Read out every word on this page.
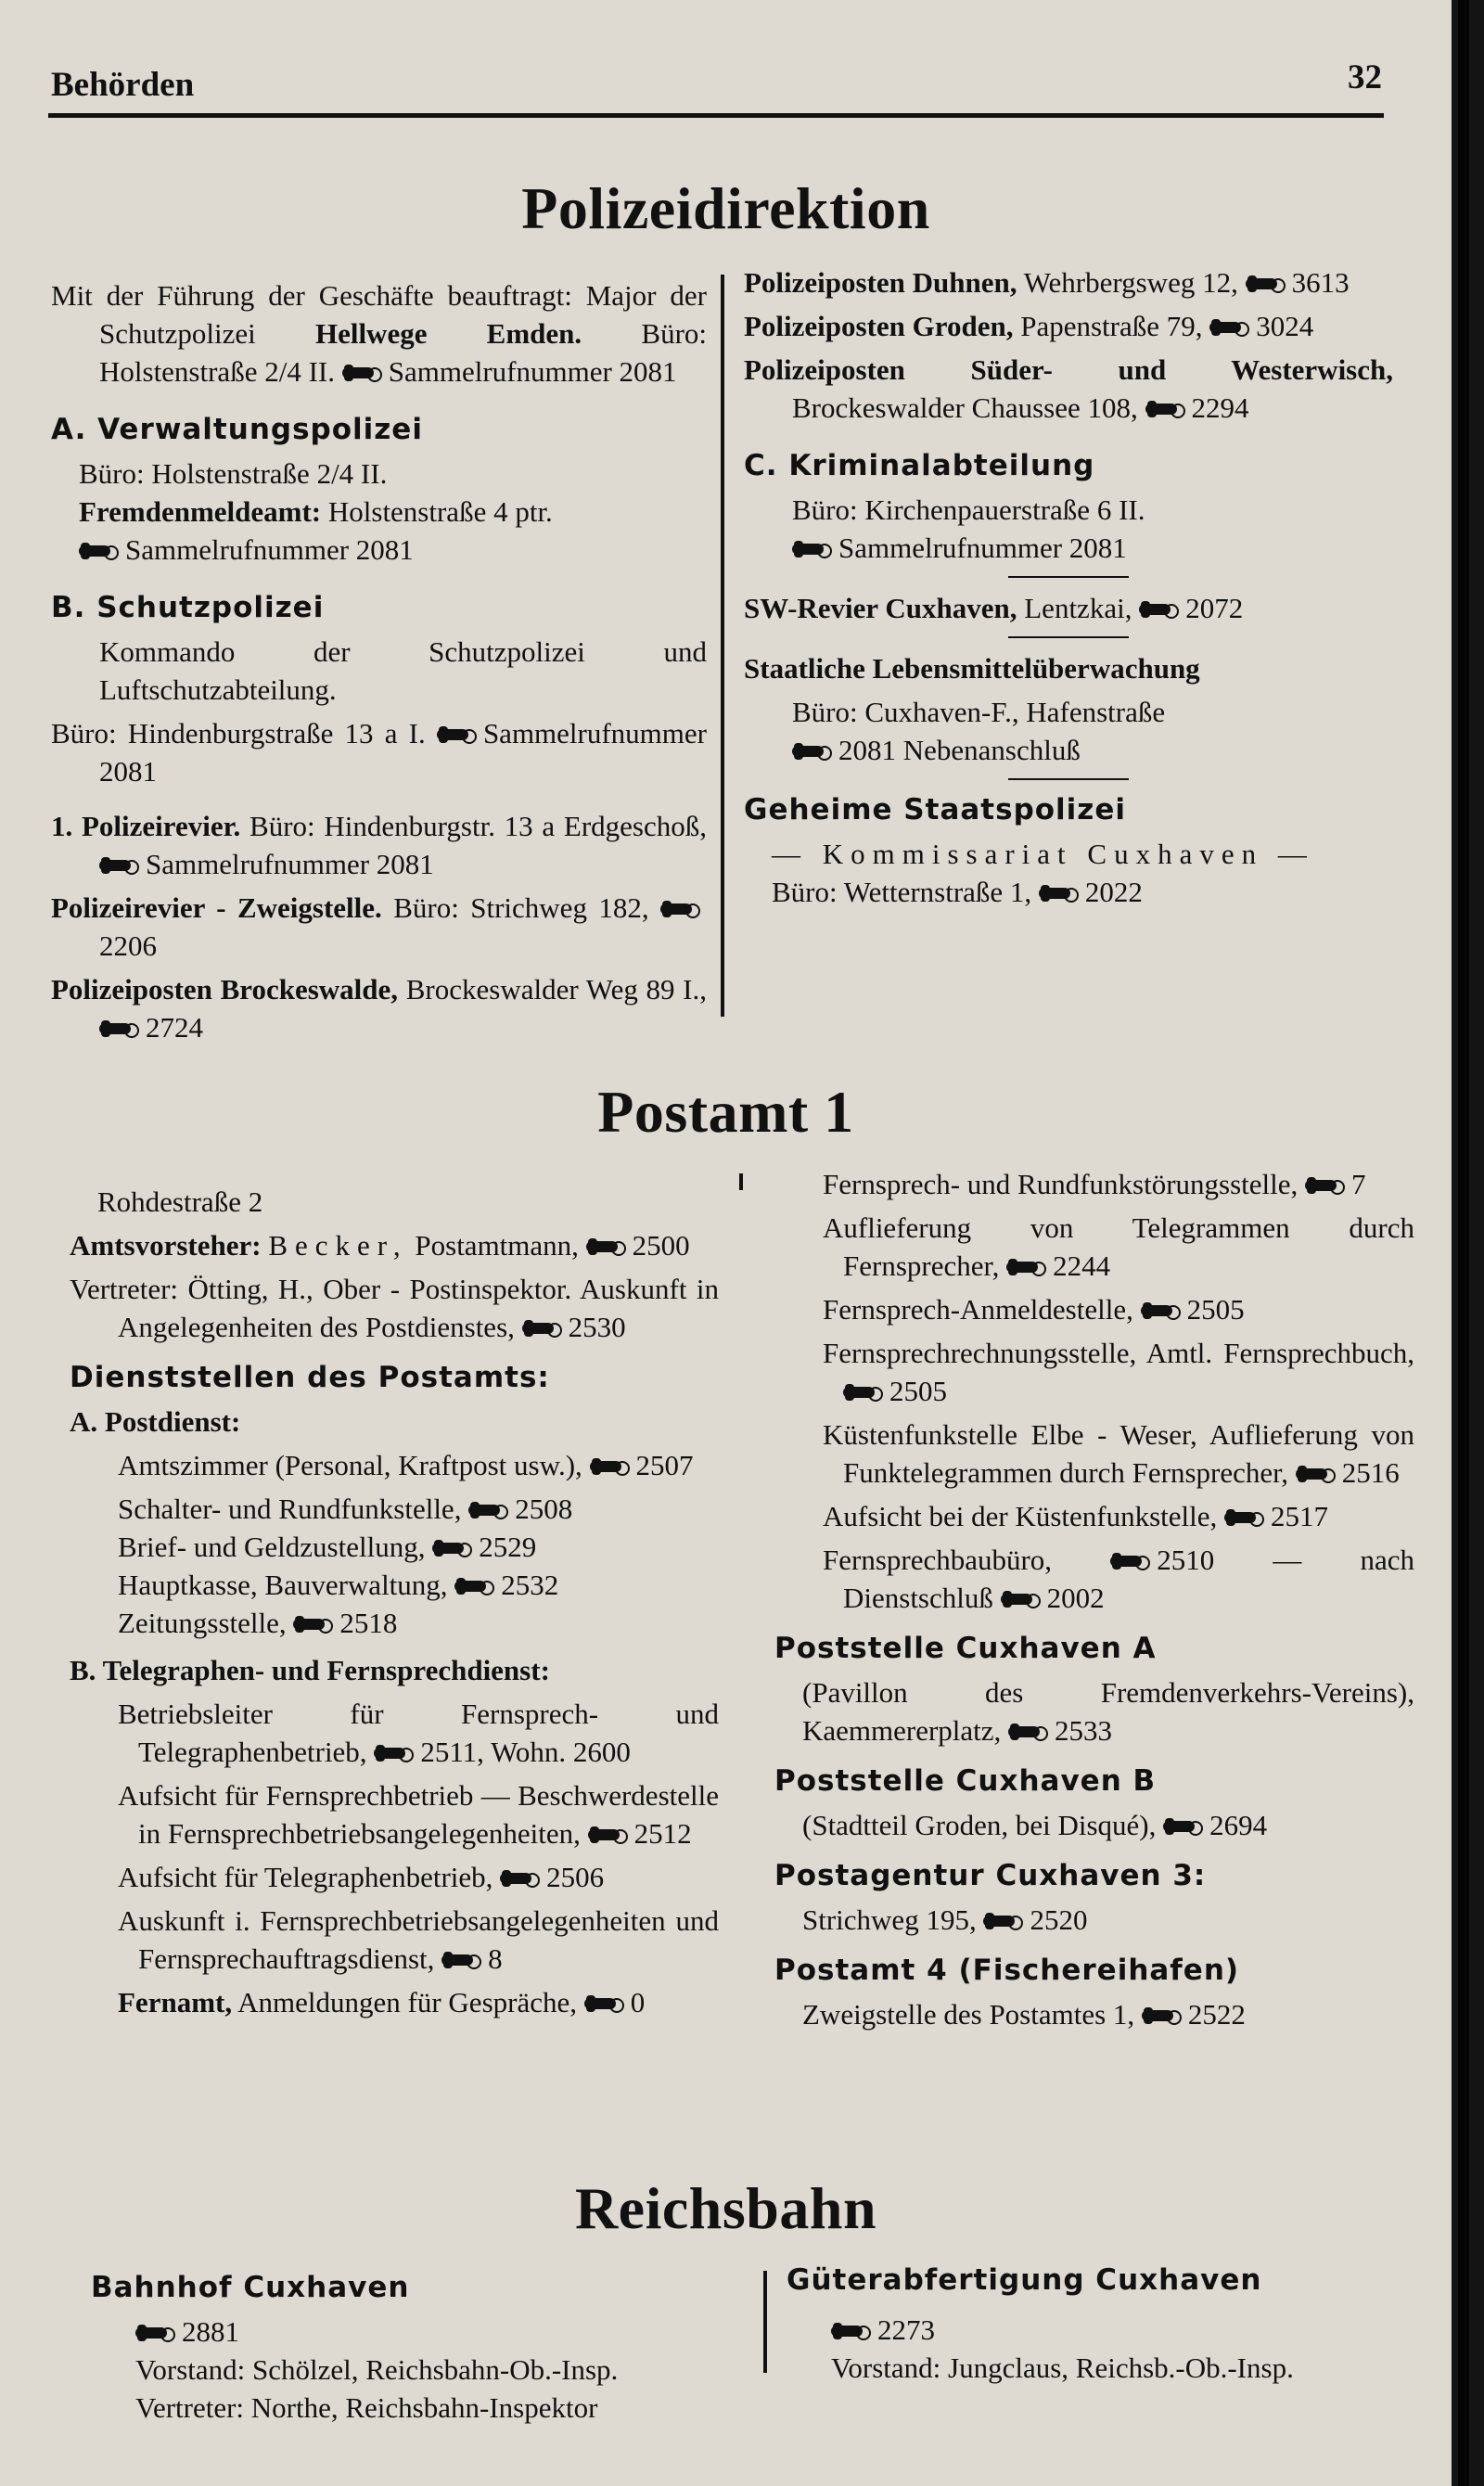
Behörden	32
Polizeidirektion
Mit der Führung der Geschäfte beauftragt: Major der Schutzpolizei Hellwege Emden. Büro: Holstenstraße 2/4 II. Sammelrufnummer 2081
A. Verwaltungspolizei
Büro: Holstenstraße 2/4 II.
Fremdenmeldeamt: Holstenstraße 4 ptr.

Sammelrufnummer 2081
B. Schutzpolizei
Kommando der Schutzpolizei und Luftschutzabteilung.
Büro: Hindenburgstraße 13 a I. Sammelrufnummer 2081
1. Polizeirevier. Büro: Hindenburgstr. 13 a Erdgeschoß,
Sammelrufnummer 2081
Polizeirevier - Zweigstelle. Büro: Strichweg 182,
2206
Polizeiposten Brockeswalde, Brockeswalder Weg 89 I.,
2724
Polizeiposten Duhnen, Wehrbergsweg 12, 3613
Polizeiposten Groden, Papenstraße 79, 3024
Polizeiposten Süder- und Westerwisch, Brockeswalder Chaussee 108, 2294
C. Kriminalabteilung
Büro: Kirchenpauerstraße 6 II.

Sammelrufnummer 2081
SW-Revier Cuxhaven, Lentzkai, 2072
Staatliche Lebensmittelüberwachung
Büro: Cuxhaven-F., Hafenstraße

2081 Nebenanschluß
Geheime Staatspolizei
— Kommissariat Cuxhaven —
Büro: Wetternstraße 1, 2022
Postamt 1
Rohdestraße 2
Amtsvorsteher: Becker, Postamtmann, 2500
Vertreter: Ötting, H., Ober - Postinspektor. Auskunft in Angelegenheiten des Postdienstes, 2530
Dienststellen des Postamts:
A. Postdienst:
Amtszimmer (Personal, Kraftpost usw.), 2507
Schalter- und Rundfunkstelle, 2508
Brief- und Geldzustellung, 2529
Hauptkasse, Bauverwaltung, 2532
Zeitungsstelle, 2518
B. Telegraphen- und Fernsprechdienst:
Betriebsleiter für Fernsprech- und Telegraphenbetrieb, 2511, Wohn. 2600
Aufsicht für Fernsprechbetrieb — Beschwerdestelle in Fernsprechbetriebsangelegenheiten, 2512
Aufsicht für Telegraphenbetrieb, 2506
Auskunft i. Fernsprechbetriebsangelegenheiten und Fernsprechauftragsdienst, 8
Fernamt, Anmeldungen für Gespräche, 0
Fernsprech- und Rundfunkstörungsstelle, 7
Auflieferung von Telegrammen durch Fernsprecher, 2244
Fernsprech-Anmeldestelle, 2505
Fernsprechrechnungsstelle, Amtl. Fernsprechbuch,
2505
Küstenfunkstelle Elbe - Weser, Auflieferung von Funktelegrammen durch Fernsprecher, 2516
Aufsicht bei der Küstenfunkstelle, 2517
Fernsprechbaubüro,	2510 — nach Dienstschluß 2002
Poststelle Cuxhaven A
(Pavillon des Fremdenverkehrs-Vereins), Kaemmererplatz, 2533
Poststelle Cuxhaven B
(Stadtteil Groden, bei Disqué), 2694
Postagentur Cuxhaven 3:
Strichweg 195, 2520
Postamt 4 (Fischereihafen)
Zweigstelle des Postamtes 1, 2522
Reichsbahn
Bahnhof Cuxhaven
2881
Vorstand: Schölzel, Reichsbahn-Ob.-Insp.
Vertreter: Northe, Reichsbahn-Inspektor
Güterabfertigung Cuxhaven
2273
Vorstand: Jungclaus, Reichsb.-Ob.-Insp.
